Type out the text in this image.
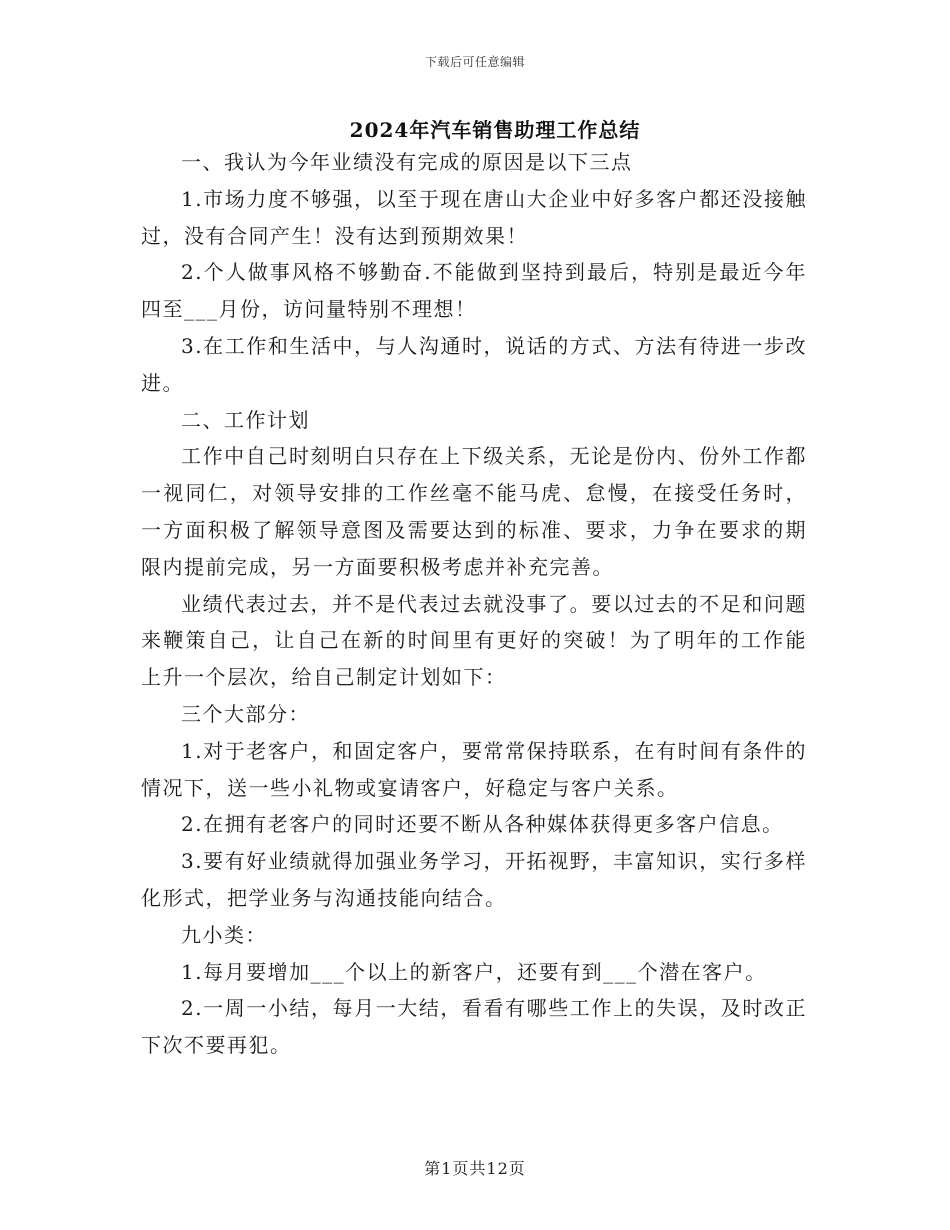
下载后可任意编辑
2024年汽车销售助理工作总结

一、我认为今年业绩没有完成的原因是以下三点

1.市场力度不够强，以至于现在唐山大企业中好多客户都还没接触过，没有合同产生！没有达到预期效果！

2.个人做事风格不够勤奋.不能做到坚持到最后，特别是最近今年四至___月份，访问量特别不理想！

3.在工作和生活中，与人沟通时，说话的方式、方法有待进一步改进。

二、工作计划

工作中自己时刻明白只存在上下级关系，无论是份内、份外工作都一视同仁，对领导安排的工作丝毫不能马虎、怠慢，在接受任务时，一方面积极了解领导意图及需要达到的标准、要求，力争在要求的期限内提前完成，另一方面要积极考虑并补充完善。

业绩代表过去，并不是代表过去就没事了。要以过去的不足和问题来鞭策自己，让自己在新的时间里有更好的突破！为了明年的工作能上升一个层次，给自己制定计划如下：

三个大部分：

1.对于老客户，和固定客户，要常常保持联系，在有时间有条件的情况下，送一些小礼物或宴请客户，好稳定与客户关系。

2.在拥有老客户的同时还要不断从各种媒体获得更多客户信息。

3.要有好业绩就得加强业务学习，开拓视野，丰富知识，实行多样化形式，把学业务与沟通技能向结合。

九小类：

1.每月要增加___个以上的新客户，还要有到___个潜在客户。

2.一周一小结，每月一大结，看看有哪些工作上的失误，及时改正下次不要再犯。

第1页共12页
